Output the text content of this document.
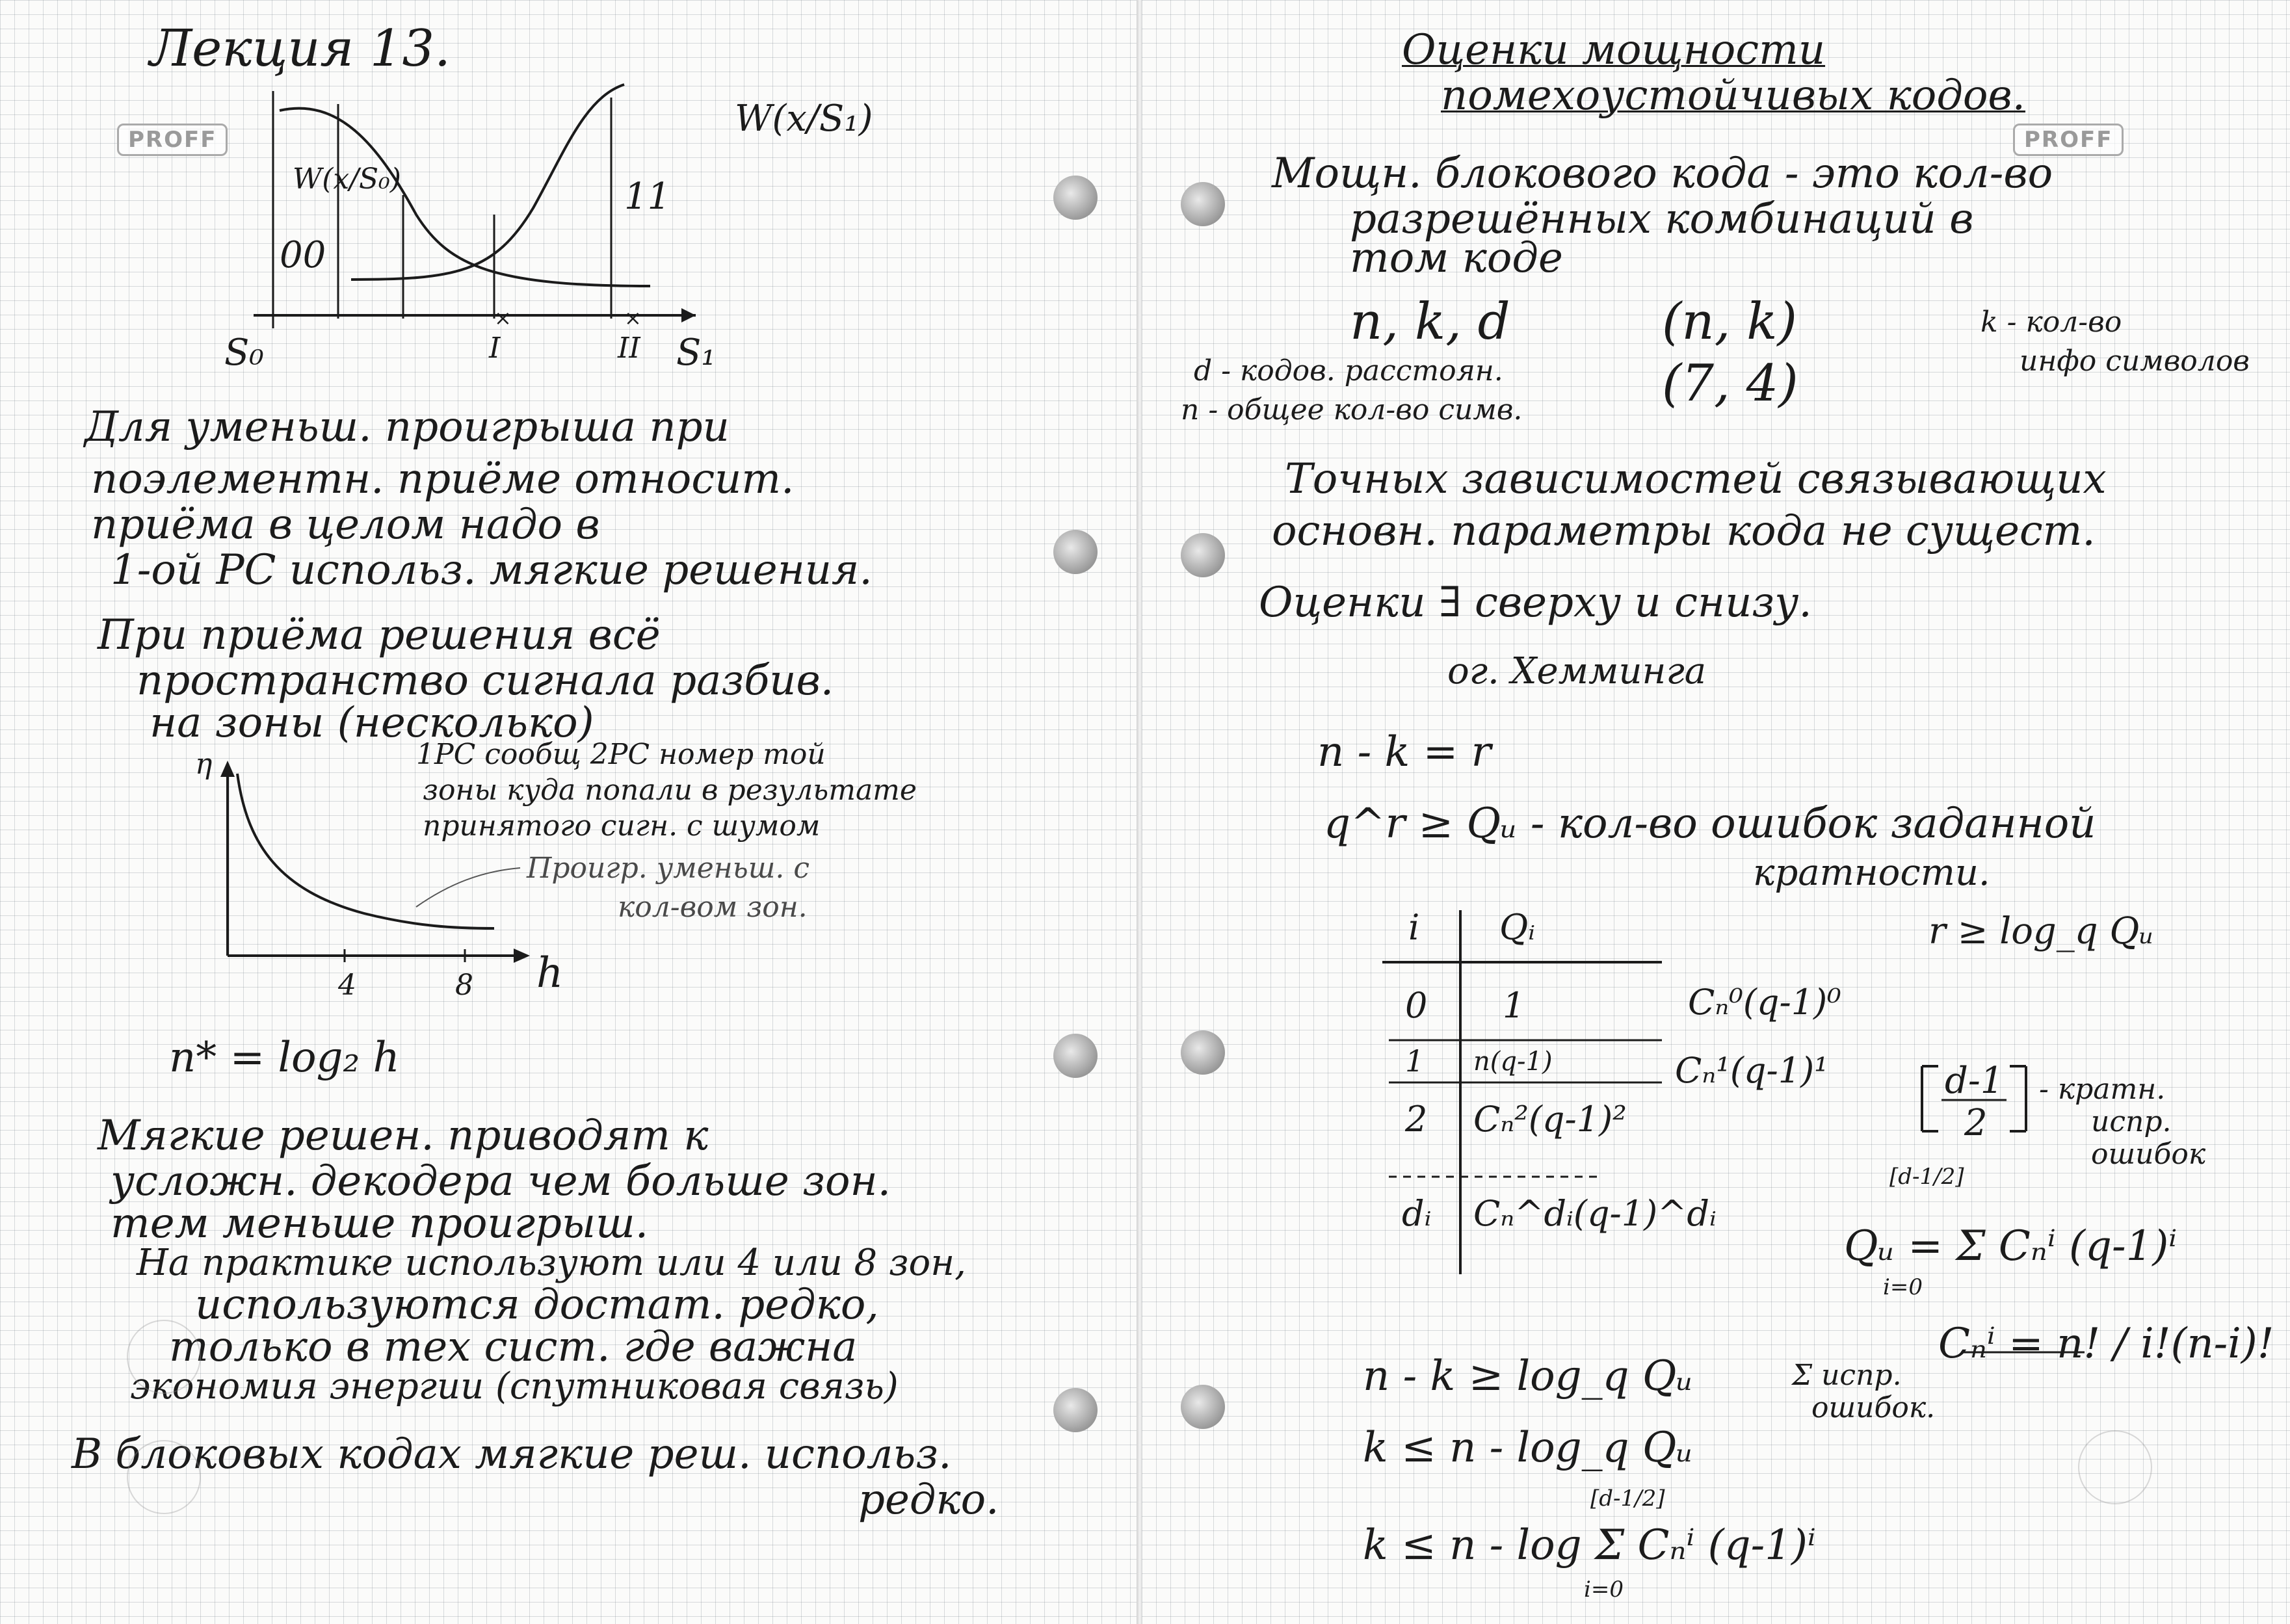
PROFF
Лекция 13.
×	×
W(x/S₀)
W(x/S₁)
00
11
S₀	S₁
I	II
Для уменьш. проигрыша при
поэлементн. приёме относит.
приёма в целом надо в
1-ой РС использ. мягкие решения.
При приёма решения всё
пространство сигнала разбив.
на зоны (несколько)
1РС сообщ 2РС номер той
зоны куда попали в результате
принятого сигн. с шумом
η
h
4	8
Проигр. уменьш. с
кол-вом зон.
n* = log₂ h
Мягкие решен. приводят к
усложн. декодера чем больше зон.
тем меньше проигрыш.
На практике используют или 4 или 8 зон,
используются достат. редко,
только в тех сист. где важна
экономия энергии (спутниковая связь)
В блоковых кодах мягкие реш. использ.
редко.
PROFF
Оценки мощности
помехоустойчивых кодов.
Мощн. блокового кода - это кол-во
разрешённых комбинаций в
том коде
n, k, d	(n, k)
(7, 4)
d - кодов. расстоян.
n - общее кол-во симв.
k - кол-во
инфо символов
Точных зависимостей связывающих
основн. параметры кода не сущест.
Оценки ∃ сверху и снизу.
ог. Хемминга
n - k = r
q^r ≥ Qᵤ - кол-во ошибок заданной
кратности.
r ≥ log_q Qᵤ
i Qᵢ
0 1	Cₙ⁰(q-1)⁰
1 n(q-1)	Cₙ¹(q-1)¹
2 Cₙ²(q-1)²
dᵢ Cₙ^dᵢ(q-1)^dᵢ
d-1
2
- кратн.
испр.
ошибок
[d-1/2]
Qᵤ = Σ Cₙⁱ (q-1)ⁱ
i=0
Cₙⁱ = n! / i!(n-i)!
Σ испр.
ошибок.
n - k ≥ log_q Qᵤ
k ≤ n - log_q Qᵤ
[d-1/2]
k ≤ n - log Σ Cₙⁱ (q-1)ⁱ
i=0
